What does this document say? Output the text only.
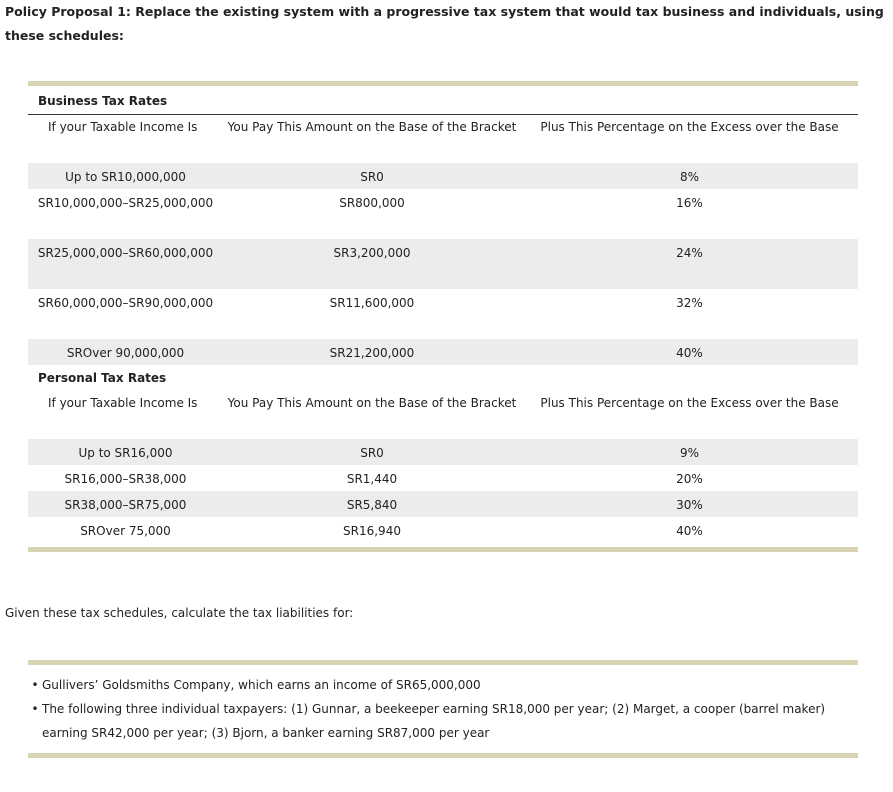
Policy Proposal 1: Replace the existing system with a progressive tax system that would tax business and individuals, using these schedules:
Business Tax Rates
If your Taxable Income Is	You Pay This Amount on the Base of the Bracket	Plus This Percentage on the Excess over the Base
Up to SR10,000,000	SR0	8%
SR10,000,000–SR25,000,000	SR800,000	16%
SR25,000,000–SR60,000,000	SR3,200,000	24%
SR60,000,000–SR90,000,000	SR11,600,000	32%
SROver 90,000,000	SR21,200,000	40%
Personal Tax Rates
If your Taxable Income Is	You Pay This Amount on the Base of the Bracket	Plus This Percentage on the Excess over the Base
Up to SR16,000	SR0	9%
SR16,000–SR38,000	SR1,440	20%
SR38,000–SR75,000	SR5,840	30%
SROver 75,000	SR16,940	40%
Given these tax schedules, calculate the tax liabilities for:
• Gullivers’ Goldsmiths Company, which earns an income of SR65,000,000
• The following three individual taxpayers: (1) Gunnar, a beekeeper earning SR18,000 per year; (2) Marget, a cooper (barrel maker) earning SR42,000 per year; (3) Bjorn, a banker earning SR87,000 per year
